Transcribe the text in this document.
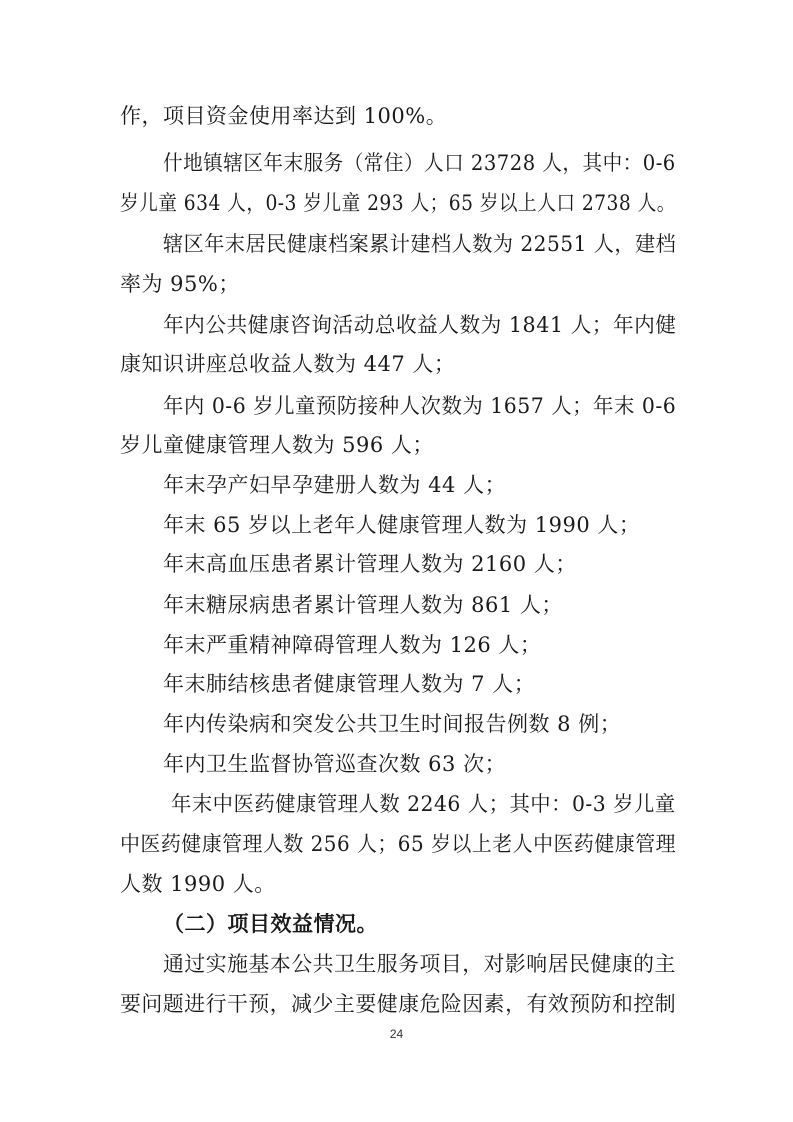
作，项目资金使用率达到 100%。
什地镇辖区年末服务（常住）人口 23728 人，其中：0-6
岁儿童 634 人，0-3 岁儿童 293 人；65 岁以上人口 2738 人。
辖区年末居民健康档案累计建档人数为 22551 人，建档
率为 95%；
年内公共健康咨询活动总收益人数为 1841 人；年内健
康知识讲座总收益人数为 447 人；
年内 0-6 岁儿童预防接种人次数为 1657 人；年末 0-6
岁儿童健康管理人数为 596 人；
年末孕产妇早孕建册人数为 44 人；
年末 65 岁以上老年人健康管理人数为 1990 人；
年末高血压患者累计管理人数为 2160 人；
年末糖尿病患者累计管理人数为 861 人；
年末严重精神障碍管理人数为 126 人；
年末肺结核患者健康管理人数为 7 人；
年内传染病和突发公共卫生时间报告例数 8 例；
年内卫生监督协管巡查次数 63 次；
年末中医药健康管理人数 2246 人；其中：0-3 岁儿童
中医药健康管理人数 256 人；65 岁以上老人中医药健康管理
人数 1990 人。
（二）项目效益情况。
通过实施基本公共卫生服务项目，对影响居民健康的主
要问题进行干预，减少主要健康危险因素，有效预防和控制
24
